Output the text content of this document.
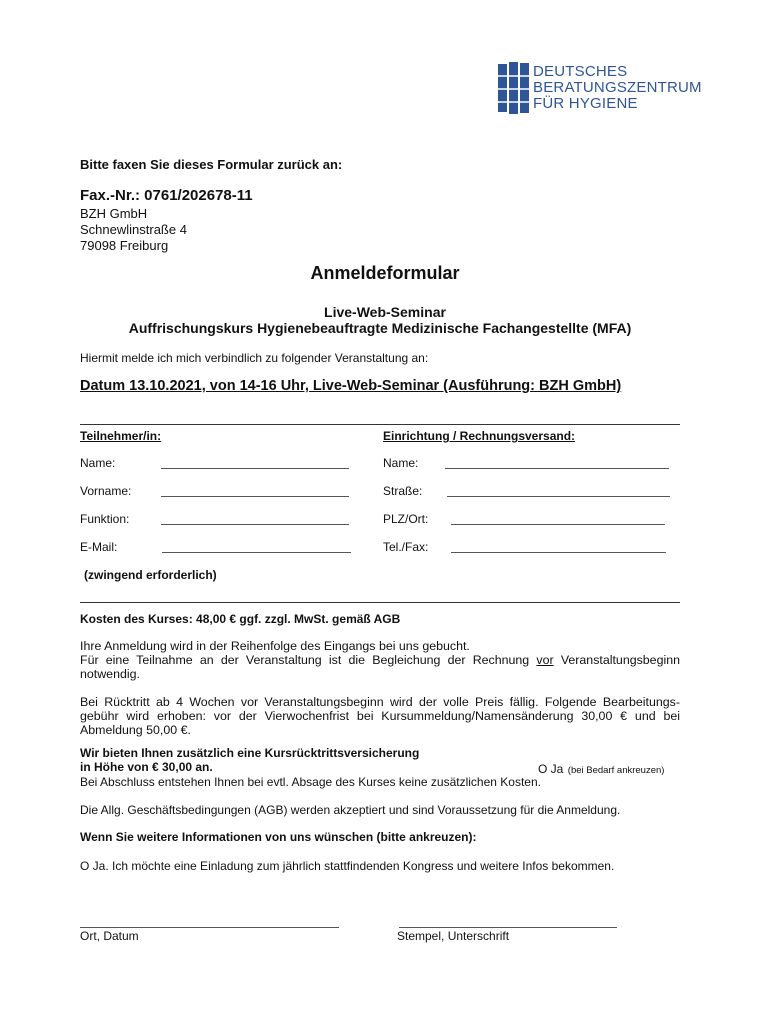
DEUTSCHES
BERATUNGSZENTRUM
FÜR HYGIENE
Bitte faxen Sie dieses Formular zurück an:
Fax.-Nr.: 0761/202678-11
BZH GmbH
Schnewlinstraße 4
79098 Freiburg
Anmeldeformular
Live-Web-Seminar
Auffrischungskurs Hygienebeauftragte Medizinische Fachangestellte (MFA)
Hiermit melde ich mich verbindlich zu folgender Veranstaltung an:
Datum 13.10.2021, von 14-16 Uhr, Live-Web-Seminar (Ausführung: BZH GmbH)
Teilnehmer/in:
Name:
Vorname:
Funktion:
E-Mail:
(zwingend erforderlich)
Einrichtung / Rechnungsversand:
Name:
Straße:
PLZ/Ort:
Tel./Fax:
Kosten des Kurses: 48,00 € ggf. zzgl. MwSt. gemäß AGB
Ihre Anmeldung wird in der Reihenfolge des Eingangs bei uns gebucht.
Für eine Teilnahme an der Veranstaltung ist die Begleichung der Rechnung vor Veranstaltungsbeginn notwendig.
Bei Rücktritt ab 4 Wochen vor Veranstaltungsbeginn wird der volle Preis fällig. Folgende Bearbeitungs-gebühr wird erhoben: vor der Vierwochenfrist bei Kursummeldung/Namensänderung 30,00 € und bei Abmeldung 50,00 €.
Wir bieten Ihnen zusätzlich eine Kursrücktrittsversicherung
in Höhe von € 30,00 an.	O Ja (bei Bedarf ankreuzen)
Bei Abschluss entstehen Ihnen bei evtl. Absage des Kurses keine zusätzlichen Kosten.
Die Allg. Geschäftsbedingungen (AGB) werden akzeptiert und sind Voraussetzung für die Anmeldung.
Wenn Sie weitere Informationen von uns wünschen (bitte ankreuzen):
O Ja. Ich möchte eine Einladung zum jährlich stattfindenden Kongress und weitere Infos bekommen.
Ort, Datum	Stempel, Unterschrift
